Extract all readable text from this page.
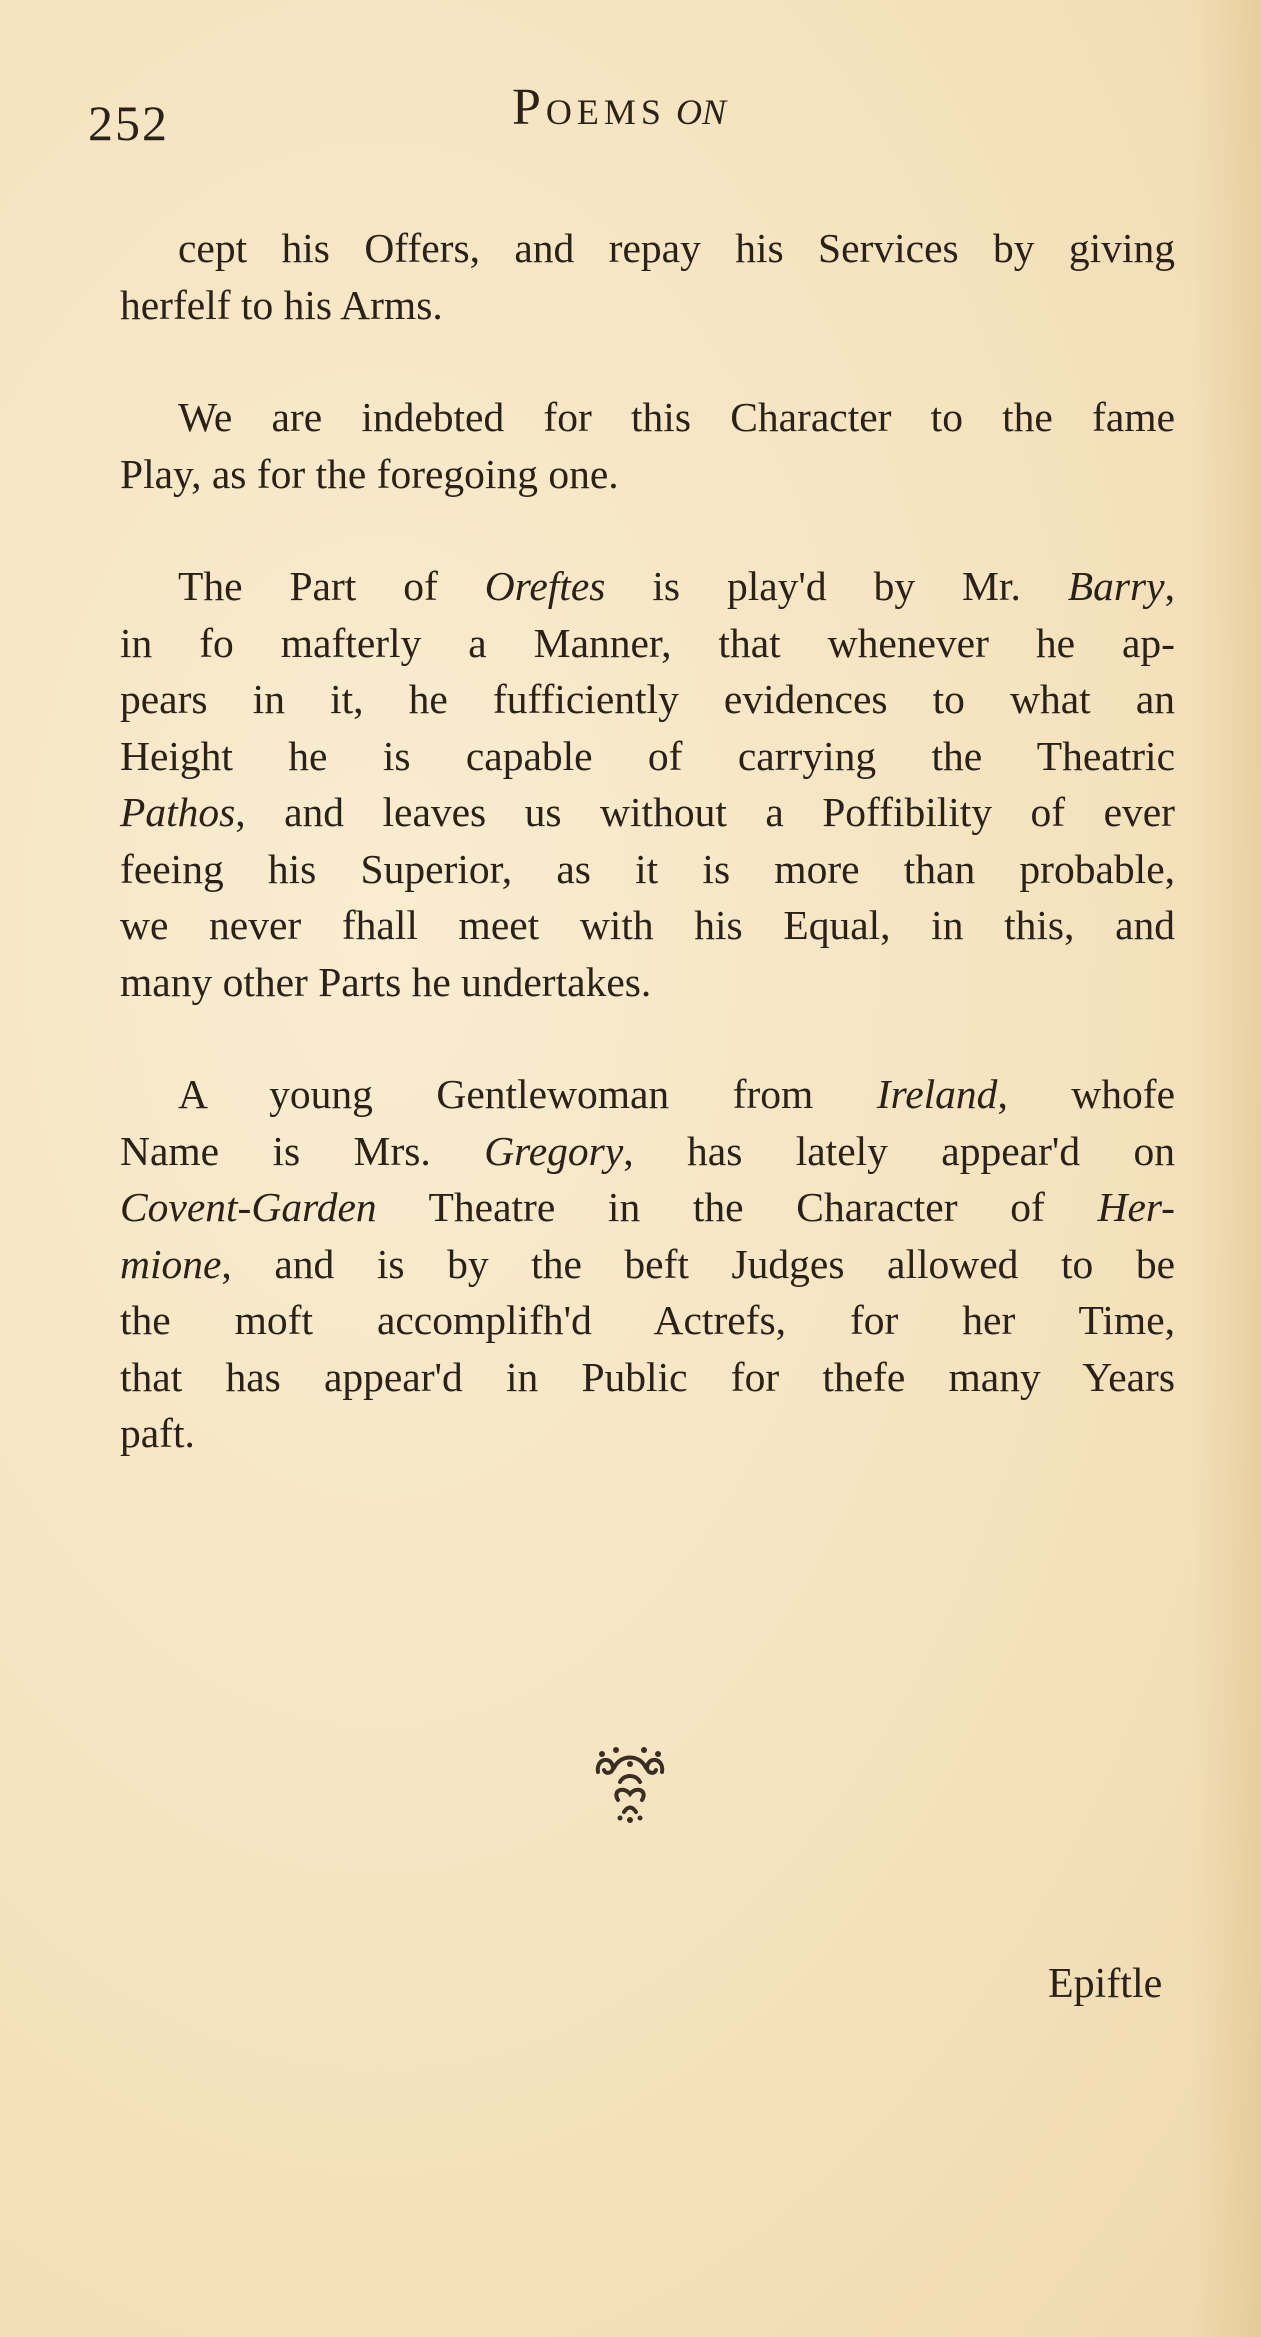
252	Poems on

cept his Offers, and repay his Services by giving
herfelf to his Arms.

We are indebted for this Character to the fame
Play, as for the foregoing one.

The Part of Oreftes is play'd by Mr. Barry,
in fo mafterly a Manner, that whenever he ap-
pears in it, he fufficiently evidences to what an
Height he is capable of carrying the Theatric
Pathos, and leaves us without a Poffibility of ever
feeing his Superior, as it is more than probable,
we never fhall meet with his Equal, in this, and
many other Parts he undertakes.

A young Gentlewoman from Ireland, whofe
Name is Mrs. Gregory, has lately appear'd on
Covent-Garden Theatre in the Character of Her-
mione, and is by the beft Judges allowed to be
the moft accomplifh'd Actrefs, for her Time,
that has appear'd in Public for thefe many Years
paft.

Epiftle
